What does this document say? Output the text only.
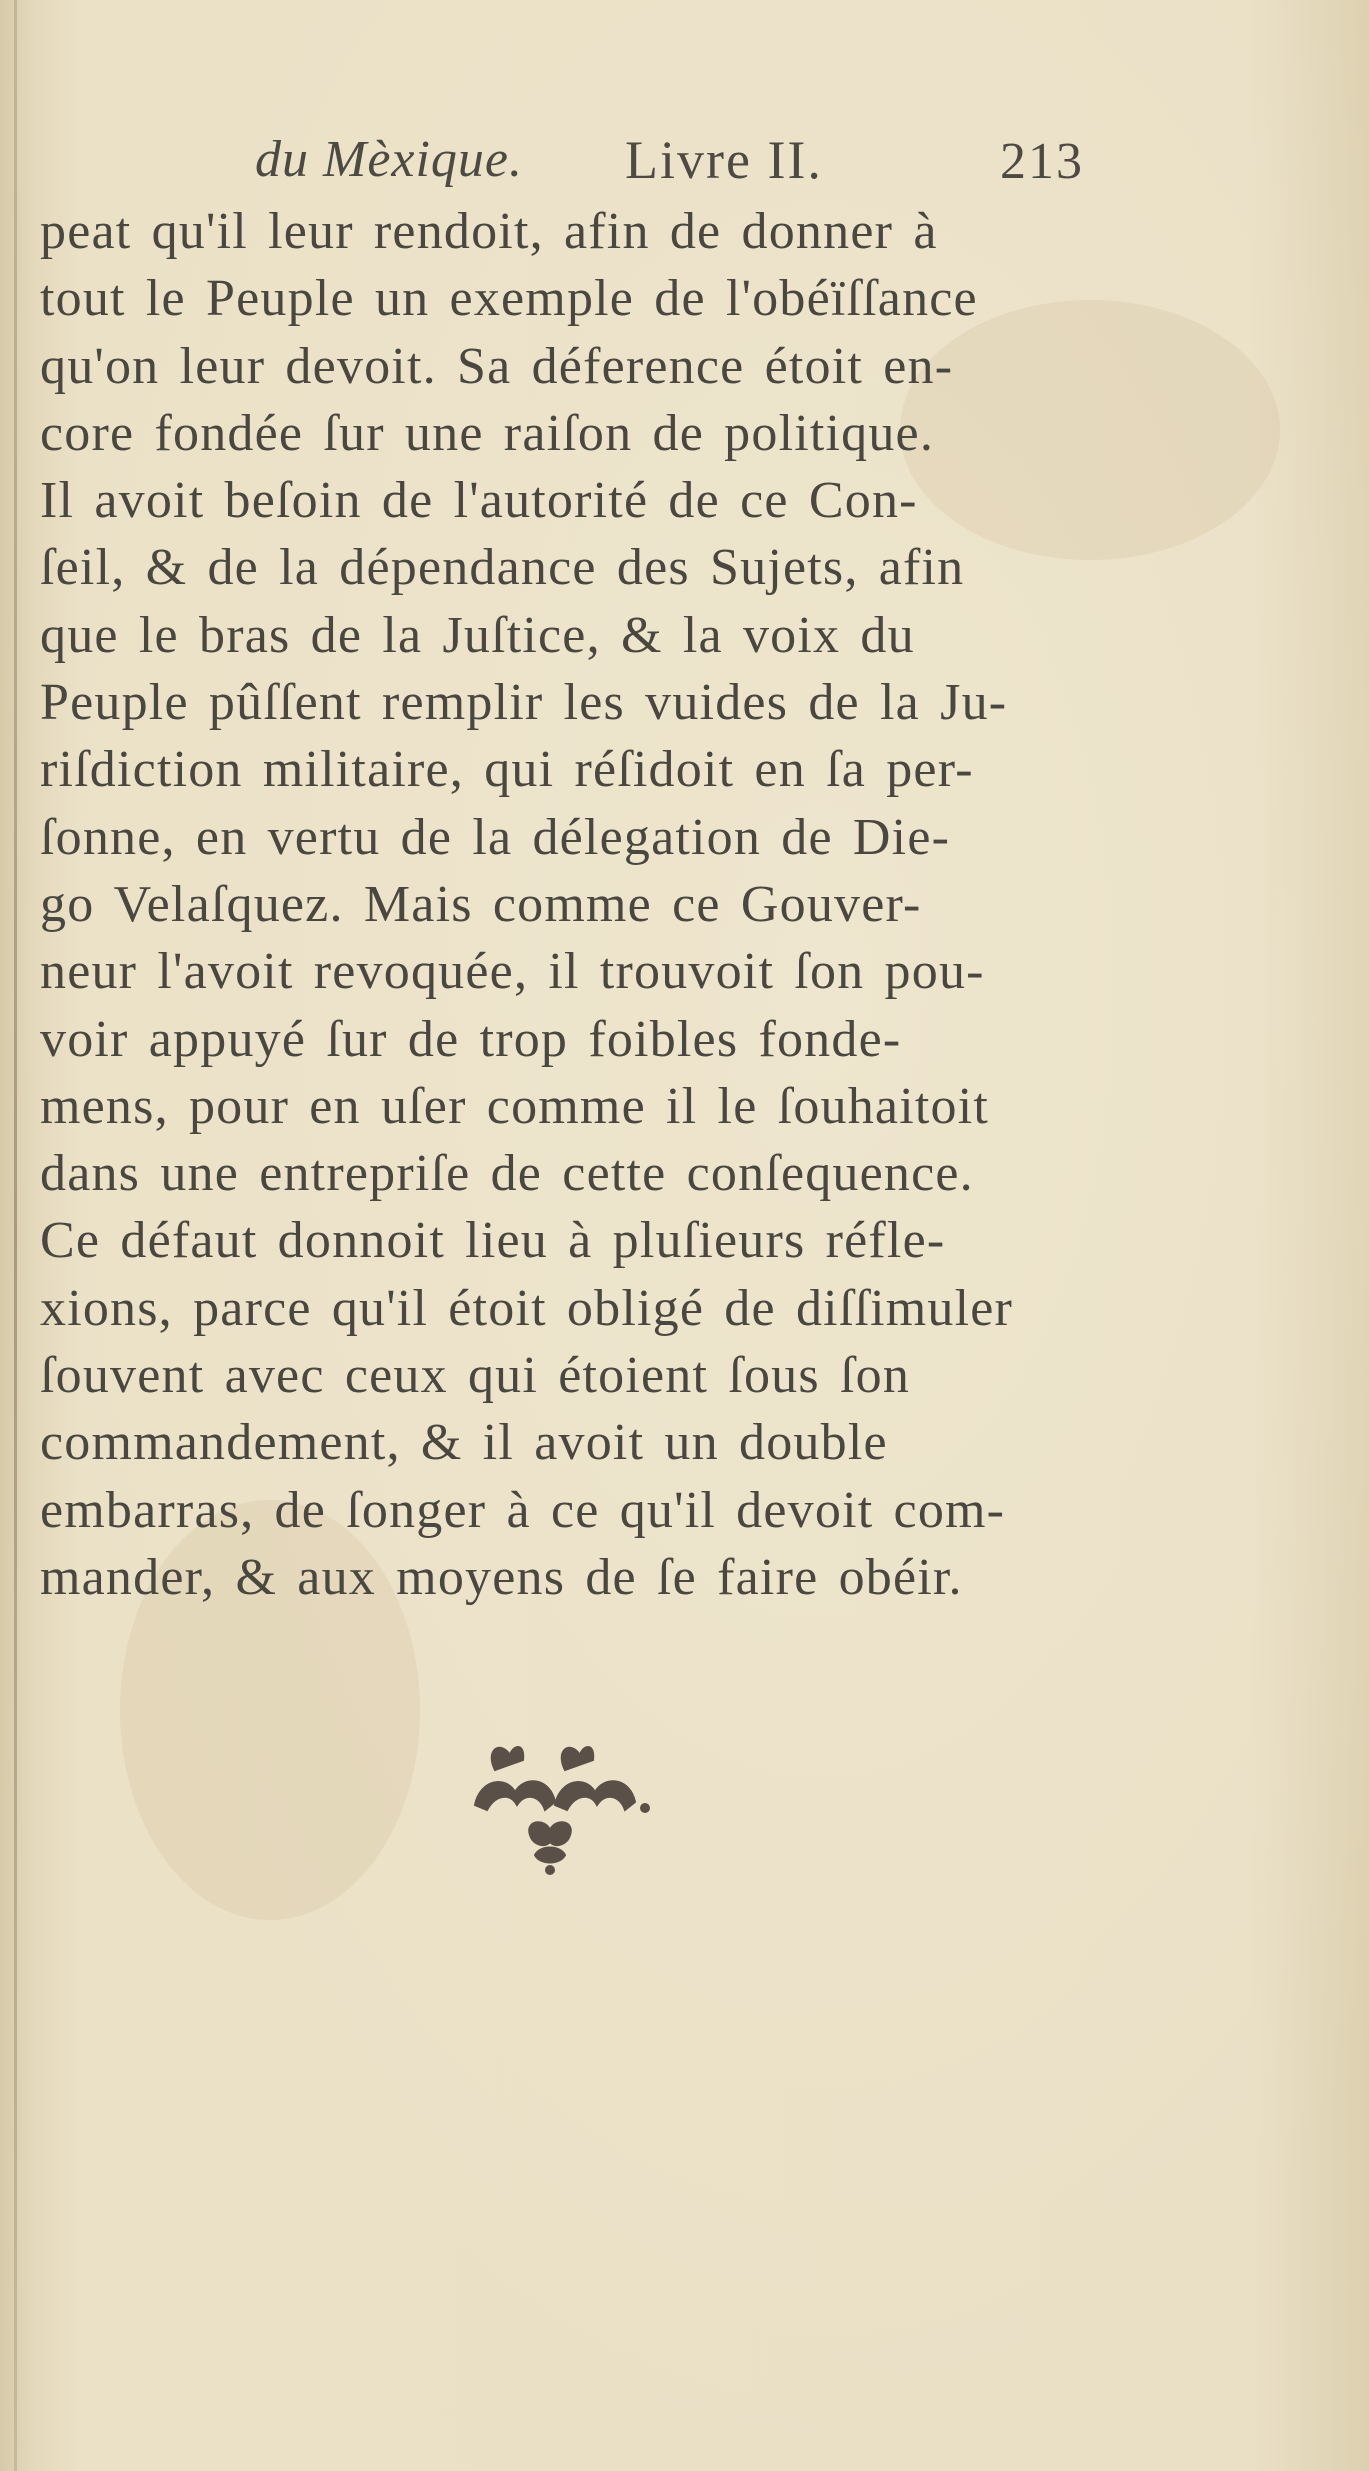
du Mèxique. Livre II.	213
peat qu'il leur rendoit, afin de donner à
tout le Peuple un exemple de l'obéïſſance
qu'on leur devoit. Sa déference étoit en-
core fondée ſur une raiſon de politique.
Il avoit beſoin de l'autorité de ce Con-
ſeil, & de la dépendance des Sujets, afin
que le bras de la Juſtice, & la voix du
Peuple pûſſent remplir les vuides de la Ju-
riſdiction militaire, qui réſidoit en ſa per-
ſonne, en vertu de la délegation de Die-
go Velaſquez. Mais comme ce Gouver-
neur l'avoit revoquée, il trouvoit ſon pou-
voir appuyé ſur de trop foibles fonde-
mens, pour en uſer comme il le ſouhaitoit
dans une entrepriſe de cette conſequence.
Ce défaut donnoit lieu à pluſieurs réfle-
xions, parce qu'il étoit obligé de diſſimuler
ſouvent avec ceux qui étoient ſous ſon
commandement, & il avoit un double
embarras, de ſonger à ce qu'il devoit com-
mander, & aux moyens de ſe faire obéir.
